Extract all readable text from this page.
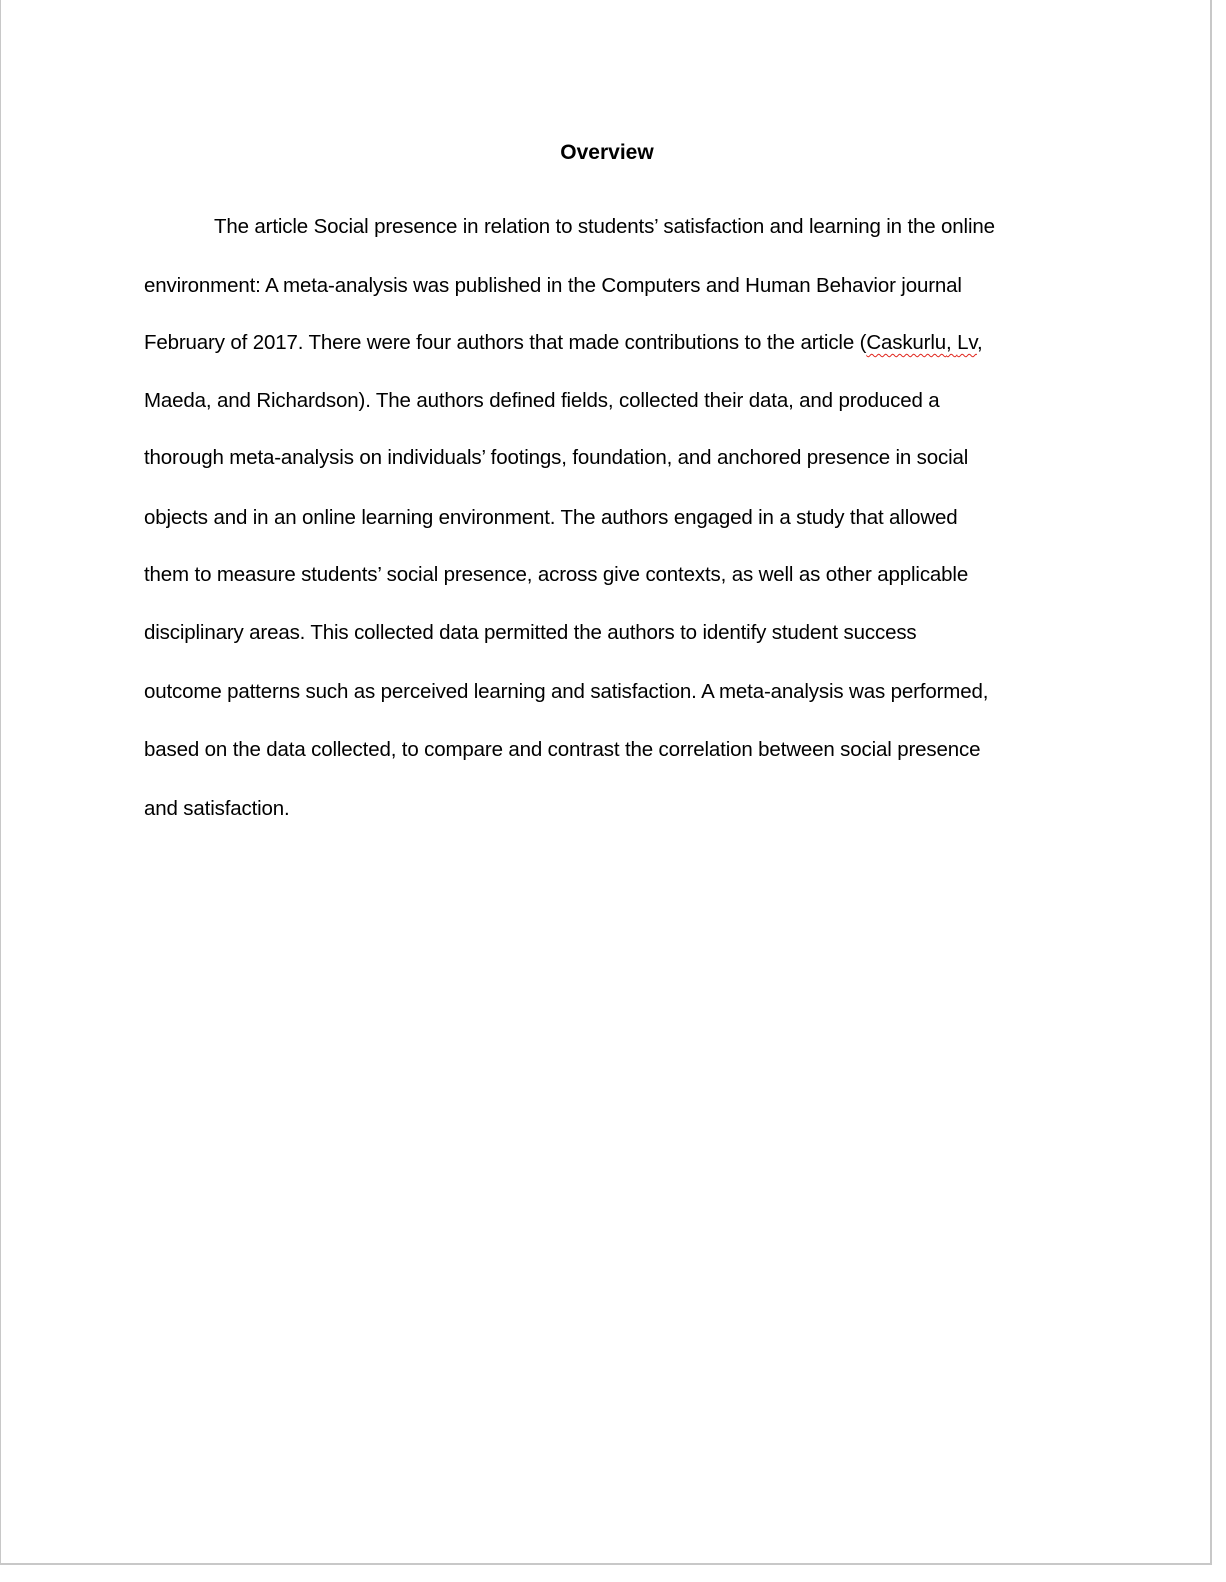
Overview
The article Social presence in relation to students’ satisfaction and learning in the online
environment: A meta-analysis was published in the Computers and Human Behavior journal
February of 2017. There were four authors that made contributions to the article (Caskurlu, Lv,
Maeda, and Richardson). The authors defined fields, collected their data, and produced a
thorough meta-analysis on individuals’ footings, foundation, and anchored presence in social
objects and in an online learning environment. The authors engaged in a study that allowed
them to measure students’ social presence, across give contexts, as well as other applicable
disciplinary areas. This collected data permitted the authors to identify student success
outcome patterns such as perceived learning and satisfaction. A meta-analysis was performed,
based on the data collected, to compare and contrast the correlation between social presence
and satisfaction.
